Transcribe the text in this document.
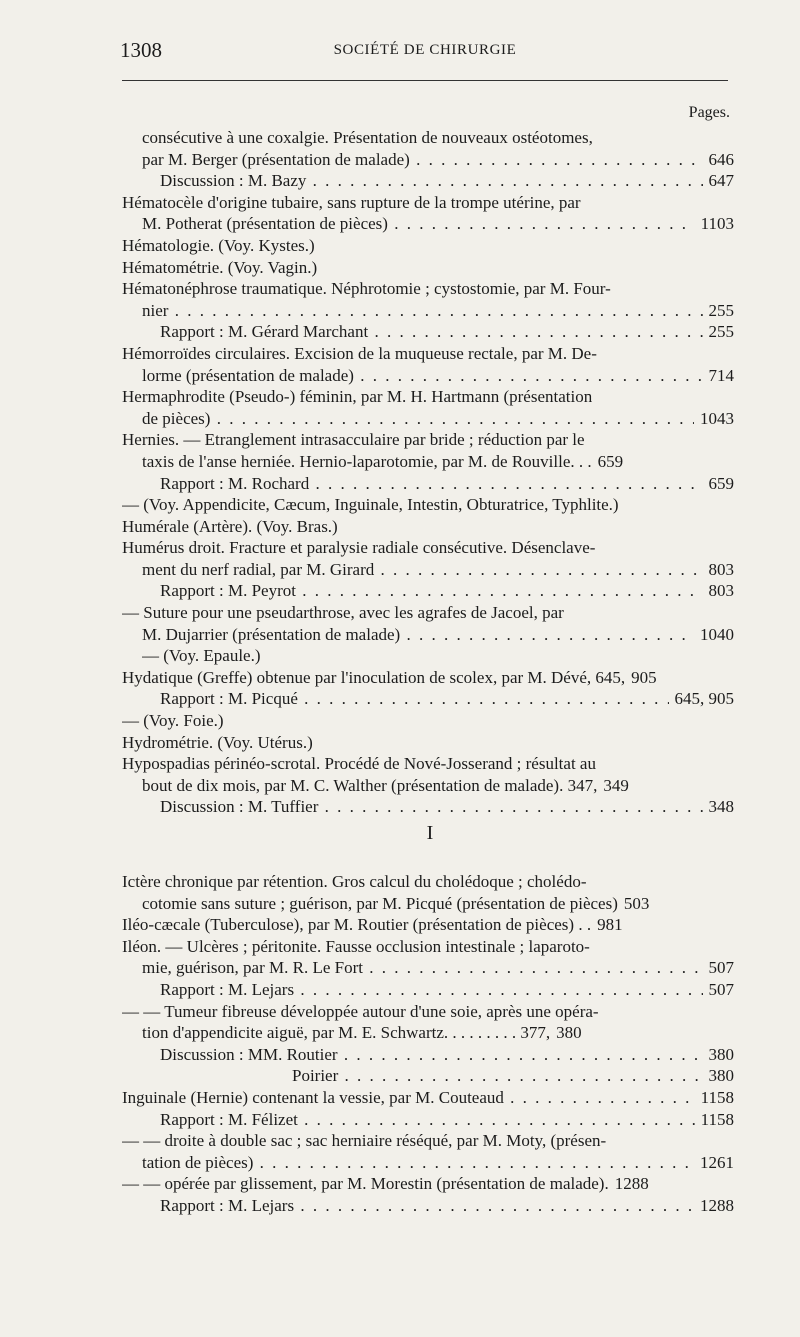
1308	SOCIÉTÉ DE CHIRURGIE
Pages.
consécutive à une coxalgie. Présentation de nouveaux ostéotomes,
par M. Berger (présentation de malade) . . .	646
Discussion : M. Bazy . . .	647
Hématocèle d'origine tubaire, sans rupture de la trompe utérine, par
M. Potherat (présentation de pièces) . . .	1103
Hématologie. (Voy. Kystes.)
Hématométrie. (Voy. Vagin.)
Hématonéphrose traumatique. Néphrotomie ; cystostomie, par M. Four-
nier . . .	255
Rapport : M. Gérard Marchant . . .	255
Hémorroïdes circulaires. Excision de la muqueuse rectale, par M. De-
lorme (présentation de malade) . . .	714
Hermaphrodite (Pseudo-) féminin, par M. H. Hartmann (présentation
de pièces) . . .	1043
Hernies. — Etranglement intrasacculaire par bride ; réduction par le
taxis de l'anse herniée. Hernio-laparotomie, par M. de Rouville. . . 659
Rapport : M. Rochard . . .	659
— (Voy. Appendicite, Cæcum, Inguinale, Intestin, Obturatrice, Typhlite.)
Humérale (Artère). (Voy. Bras.)
Humérus droit. Fracture et paralysie radiale consécutive. Désenclave-
ment du nerf radial, par M. Girard . . .	803
Rapport : M. Peyrot . . .	803
— Suture pour une pseudarthrose, avec les agrafes de Jacoel, par
M. Dujarrier (présentation de malade) . . .	1040
— (Voy. Epaule.)
Hydatique (Greffe) obtenue par l'inoculation de scolex, par M. Dévé, 645, 905
Rapport : M. Picqué . . .	645, 905
— (Voy. Foie.)
Hydrométrie. (Voy. Utérus.)
Hypospadias périnéo-scrotal. Procédé de Nové-Josserand ; résultat au
bout de dix mois, par M. C. Walther (présentation de malade). 347, 349
Discussion : M. Tuffier . . .	348
I
Ictère chronique par rétention. Gros calcul du cholédoque ; cholédo-
cotomie sans suture ; guérison, par M. Picqué (présentation de pièces) 503
Iléo-cæcale (Tuberculose), par M. Routier (présentation de pièces) . . 981
Iléon. — Ulcères ; péritonite. Fausse occlusion intestinale ; laparoto-
mie, guérison, par M. R. Le Fort . . .	507
Rapport : M. Lejars . . .	507
— — Tumeur fibreuse développée autour d'une soie, après une opéra-
tion d'appendicite aiguë, par M. E. Schwartz. . . . . . . . . 377, 380
Discussion : MM. Routier . . .	380
Poirier . . .	380
Inguinale (Hernie) contenant la vessie, par M. Couteaud . . .	1158
Rapport : M. Félizet . . .	1158
— — droite à double sac ; sac herniaire réséqué, par M. Moty, (présen-
tation de pièces) . . .	1261
— — opérée par glissement, par M. Morestin (présentation de malade). 1288
Rapport : M. Lejars . . .	1288
